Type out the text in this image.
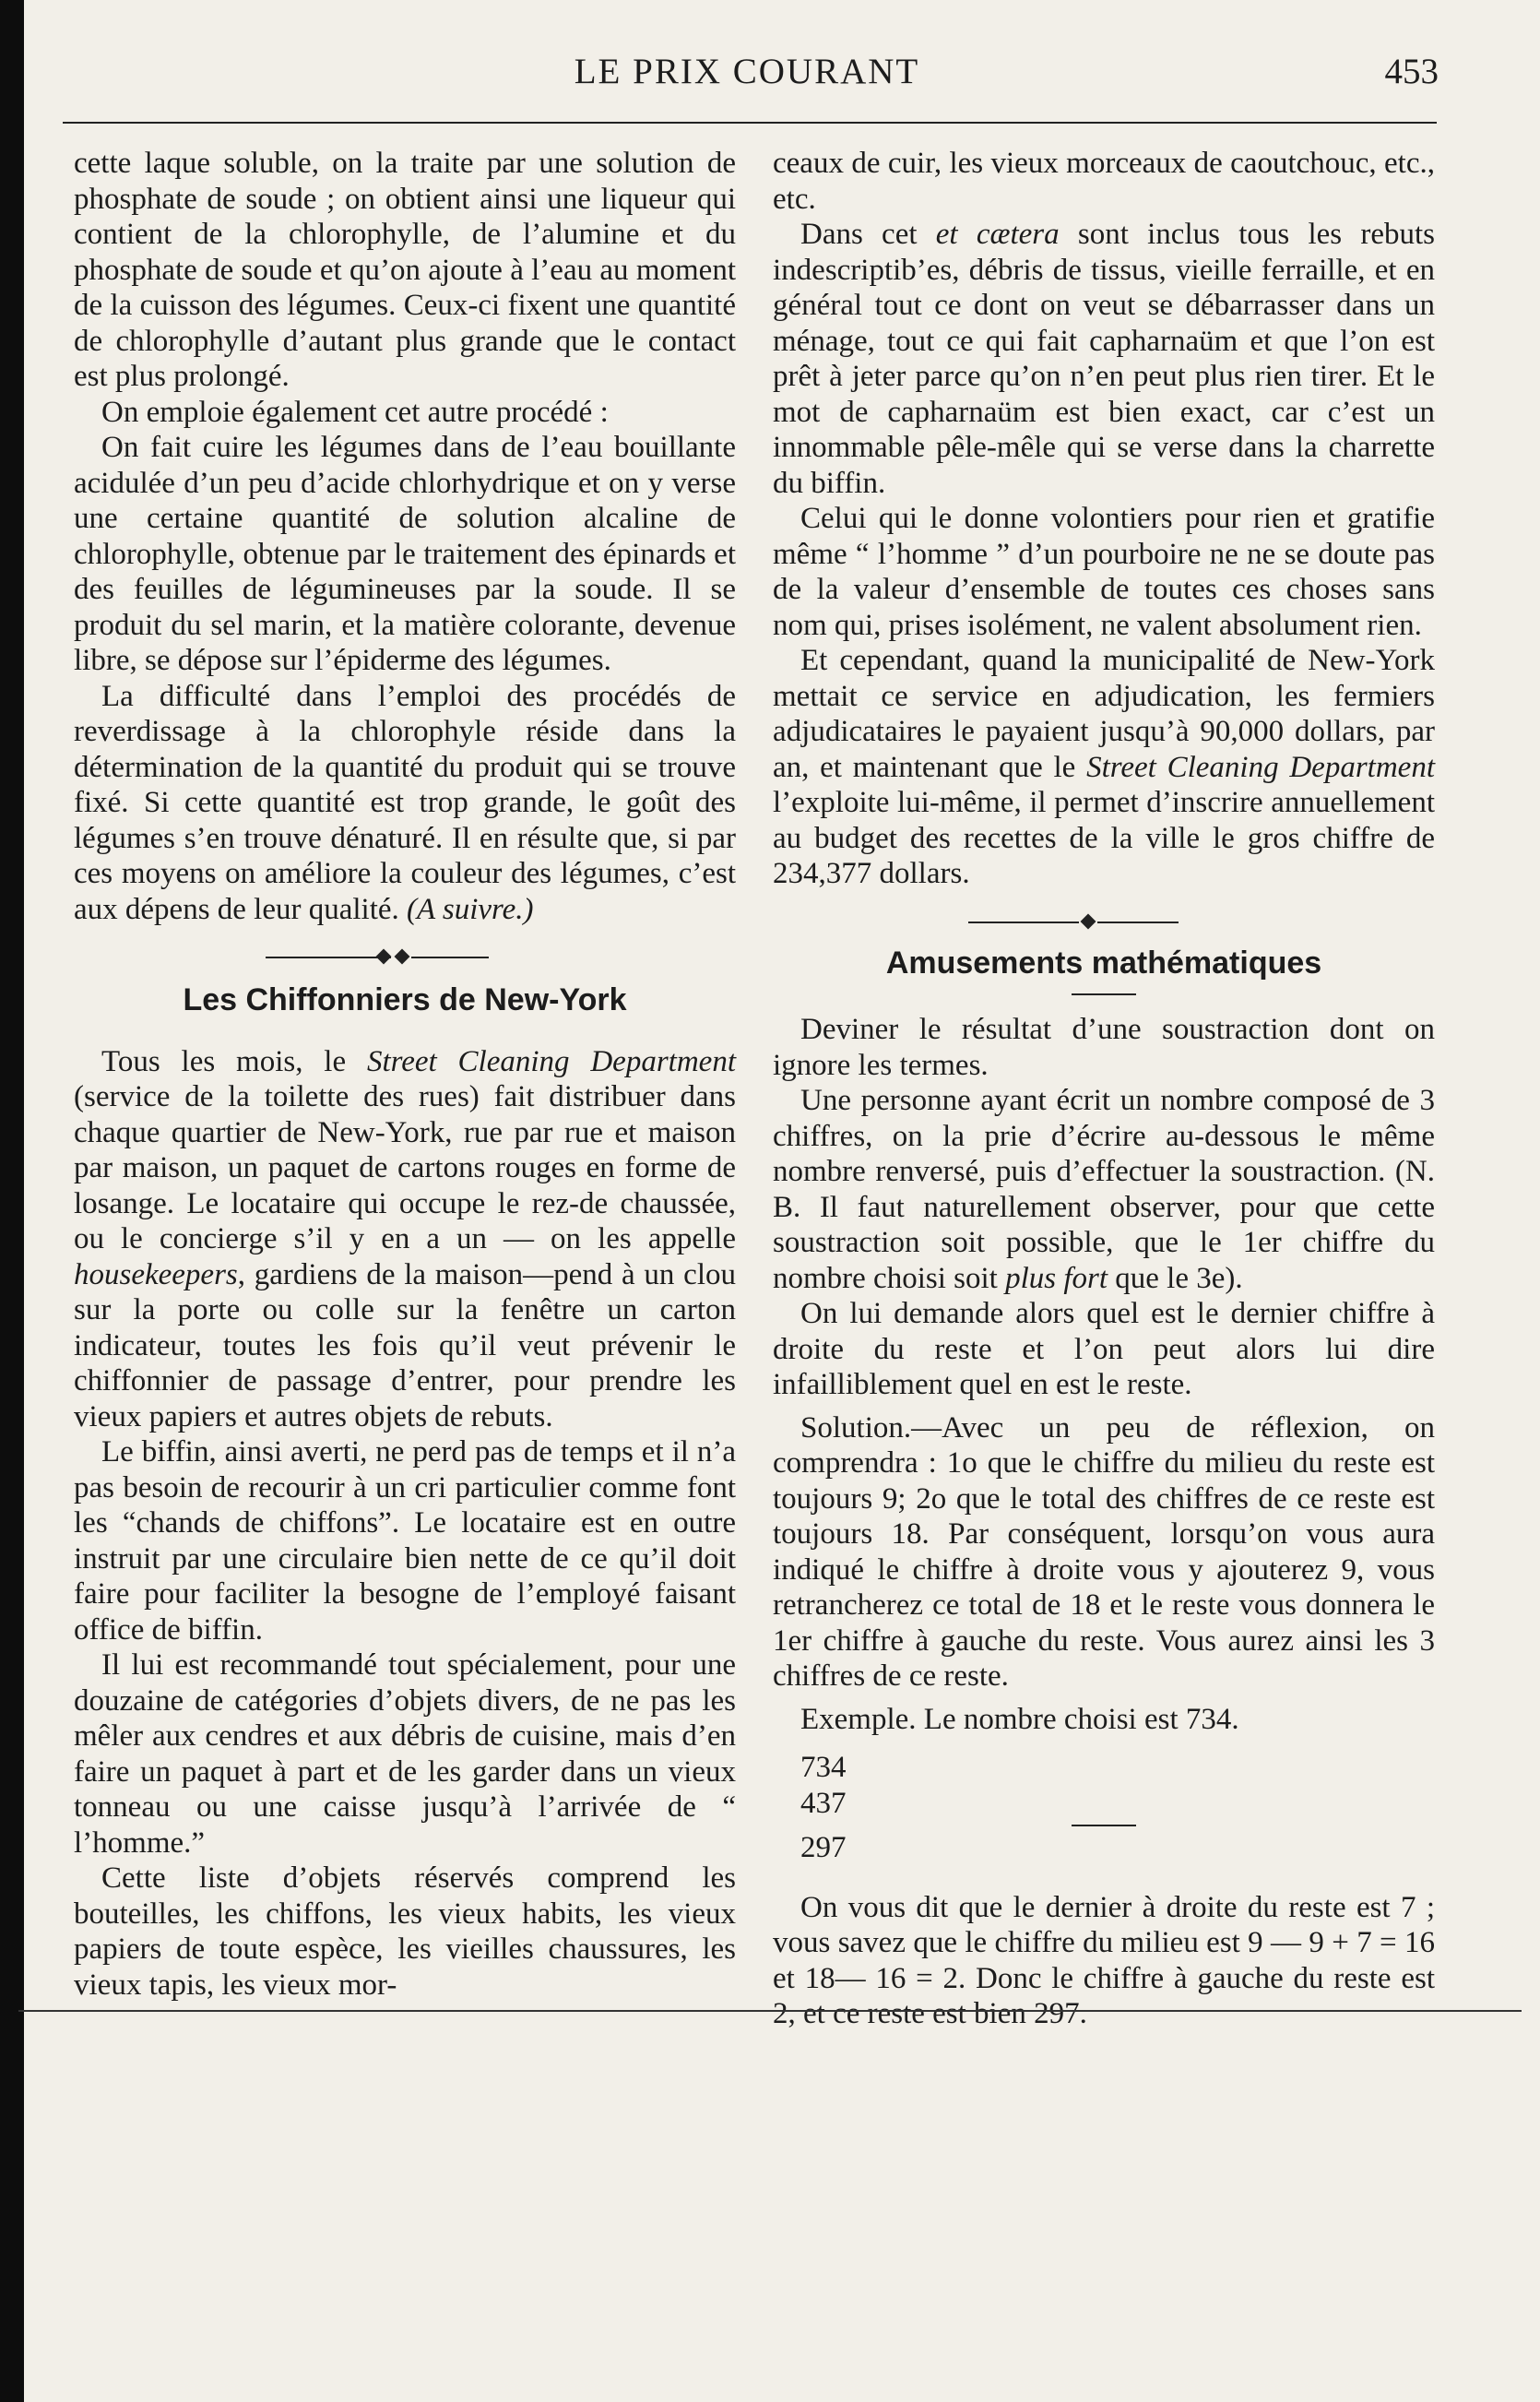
LE PRIX COURANT	453

cette laque soluble, on la traite par une solution de phosphate de soude ; on obtient ainsi une liqueur qui contient de la chlorophylle, de l’alumine et du phosphate de soude et qu’on ajoute à l’eau au moment de la cuisson des légumes. Ceux-ci fixent une quantité de chlorophylle d’autant plus grande que le contact est plus prolongé.

On emploie également cet autre procédé :

On fait cuire les légumes dans de l’eau bouillante acidulée d’un peu d’acide chlorhydrique et on y verse une certaine quantité de solution alcaline de chlorophylle, obtenue par le traitement des épinards et des feuilles de légumineuses par la soude. Il se produit du sel marin, et la matière colorante, devenue libre, se dépose sur l’épiderme des légumes.

La difficulté dans l’emploi des procédés de reverdissage à la chlorophyle réside dans la détermination de la quantité du produit qui se trouve fixé. Si cette quantité est trop grande, le goût des légumes s’en trouve dénaturé. Il en résulte que, si par ces moyens on améliore la couleur des légumes, c’est aux dépens de leur qualité. (A suivre.)

Les Chiffonniers de New-York

Tous les mois, le Street Cleaning Department (service de la toilette des rues) fait distribuer dans chaque quartier de New-York, rue par rue et maison par maison, un paquet de cartons rouges en forme de losange. Le locataire qui occupe le rez-de chaussée, ou le concierge s’il y en a un — on les appelle housekeepers, gardiens de la maison—pend à un clou sur la porte ou colle sur la fenêtre un carton indicateur, toutes les fois qu’il veut prévenir le chiffonnier de passage d’entrer, pour prendre les vieux papiers et autres objets de rebuts.

Le biffin, ainsi averti, ne perd pas de temps et il n’a pas besoin de recourir à un cri particulier comme font les “chands de chiffons”. Le locataire est en outre instruit par une circulaire bien nette de ce qu’il doit faire pour faciliter la besogne de l’employé faisant office de biffin.

Il lui est recommandé tout spécialement, pour une douzaine de catégories d’objets divers, de ne pas les mêler aux cendres et aux débris de cuisine, mais d’en faire un paquet à part et de les garder dans un vieux tonneau ou une caisse jusqu’à l’arrivée de “ l’homme.”

Cette liste d’objets réservés comprend les bouteilles, les chiffons, les vieux habits, les vieux papiers de toute espèce, les vieilles chaussures, les vieux tapis, les vieux mor-

ceaux de cuir, les vieux morceaux de caoutchouc, etc., etc.

Dans cet et cætera sont inclus tous les rebuts indescriptib’es, débris de tissus, vieille ferraille, et en général tout ce dont on veut se débarrasser dans un ménage, tout ce qui fait capharnaüm et que l’on est prêt à jeter parce qu’on n’en peut plus rien tirer. Et le mot de capharnaüm est bien exact, car c’est un innommable pêle-mêle qui se verse dans la charrette du biffin.

Celui qui le donne volontiers pour rien et gratifie même “ l’homme ” d’un pourboire ne ne se doute pas de la valeur d’ensemble de toutes ces choses sans nom qui, prises isolément, ne valent absolument rien.

Et cependant, quand la municipalité de New-York mettait ce service en adjudication, les fermiers adjudicataires le payaient jusqu’à 90,000 dollars, par an, et maintenant que le Street Cleaning Department l’exploite lui-même, il permet d’inscrire annuellement au budget des recettes de la ville le gros chiffre de 234,377 dollars.

Amusements mathématiques

Deviner le résultat d’une soustraction dont on ignore les termes.

Une personne ayant écrit un nombre composé de 3 chiffres, on la prie d’écrire au-dessous le même nombre renversé, puis d’effectuer la soustraction. (N. B. Il faut naturellement observer, pour que cette soustraction soit possible, que le 1er chiffre du nombre choisi soit plus fort que le 3e).

On lui demande alors quel est le dernier chiffre à droite du reste et l’on peut alors lui dire infailliblement quel en est le reste.

Solution.—Avec un peu de réflexion, on comprendra : 1o que le chiffre du milieu du reste est toujours 9; 2o que le total des chiffres de ce reste est toujours 18. Par conséquent, lorsqu’on vous aura indiqué le chiffre à droite vous y ajouterez 9, vous retrancherez ce total de 18 et le reste vous donnera le 1er chiffre à gauche du reste. Vous aurez ainsi les 3 chiffres de ce reste.

Exemple. Le nombre choisi est 734.

734

437

297

On vous dit que le dernier à droite du reste est 7 ; vous savez que le chiffre du milieu est 9 — 9 + 7 = 16 et 18— 16 = 2. Donc le chiffre à gauche du reste est 2, et ce reste est bien 297.
